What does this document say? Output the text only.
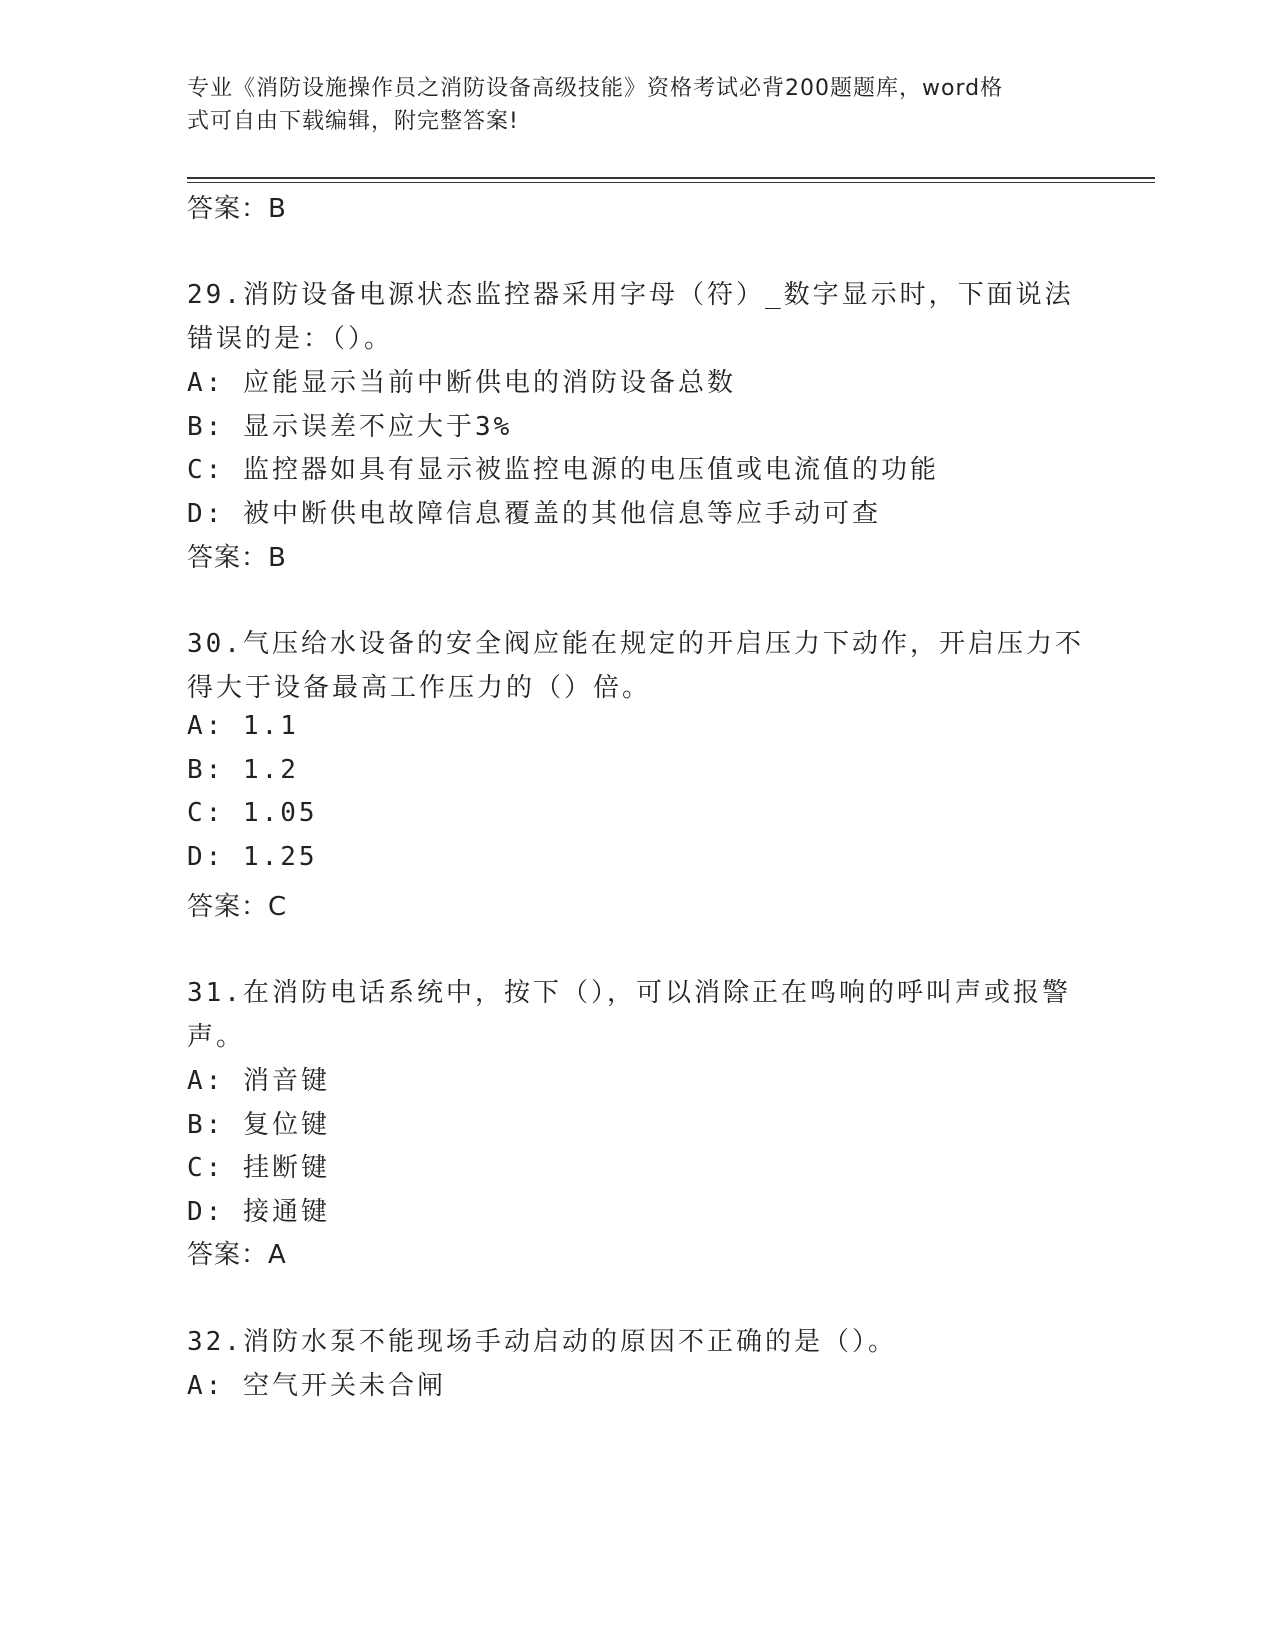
专业《消防设施操作员之消防设备高级技能》资格考试必背200题题库，word格
式可自由下载编辑，附完整答案!
答案：B
29.消防设备电源状态监控器采用字母（符）_数字显示时，下面说法
错误的是：（）。
A: 应能显示当前中断供电的消防设备总数
B: 显示误差不应大于3%
C: 监控器如具有显示被监控电源的电压值或电流值的功能
D: 被中断供电故障信息覆盖的其他信息等应手动可查
答案：B
30.气压给水设备的安全阀应能在规定的开启压力下动作，开启压力不
得大于设备最高工作压力的（）倍。
A: 1.1
B: 1.2
C: 1.05
D: 1.25
答案：C
31.在消防电话系统中，按下（），可以消除正在鸣响的呼叫声或报警
声。
A: 消音键
B: 复位键
C: 挂断键
D: 接通键
答案：A
32.消防水泵不能现场手动启动的原因不正确的是（）。
A: 空气开关未合闸
